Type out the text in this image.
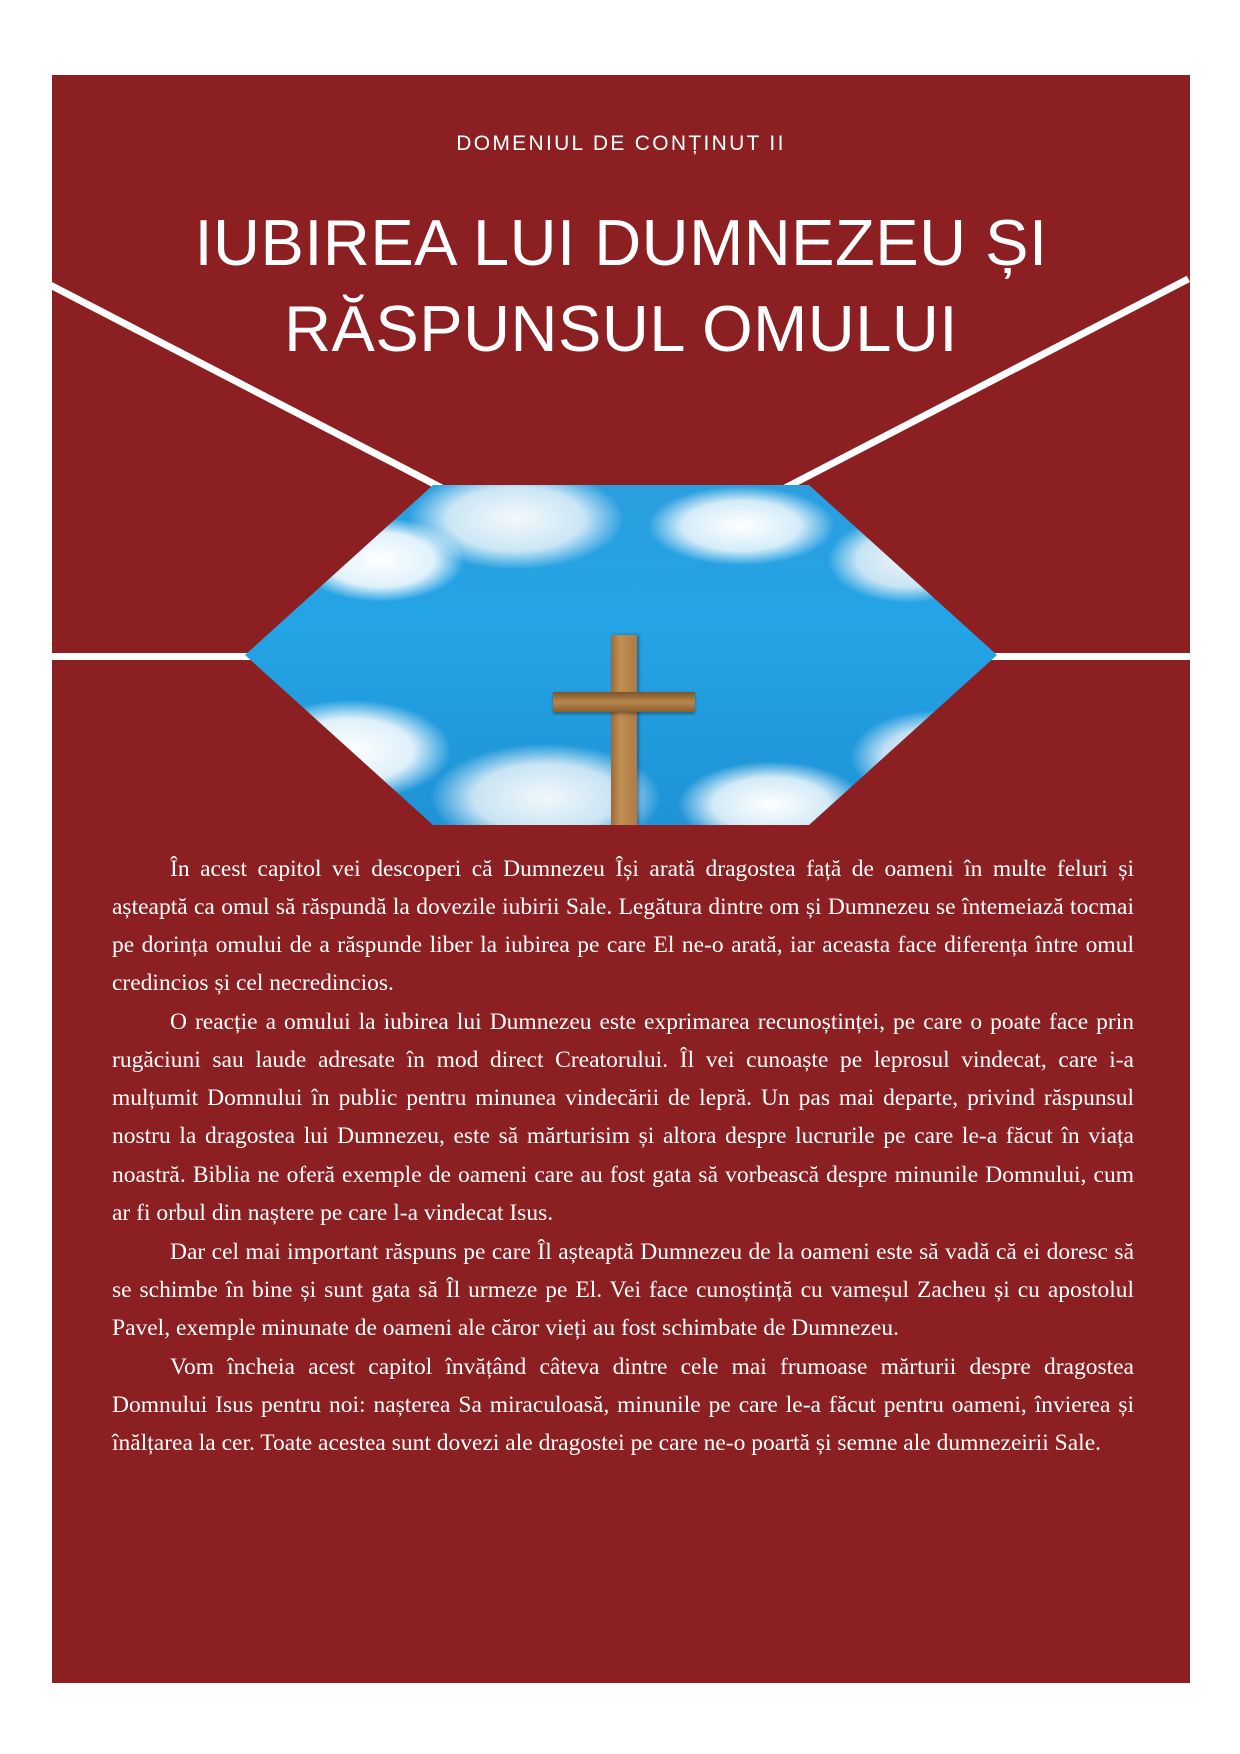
DOMENIUL DE CONȚINUT II
IUBIREA LUI DUMNEZEU ȘI
RĂSPUNSUL OMULUI

În acest capitol vei descoperi că Dumnezeu Își arată dragostea față de oameni în multe feluri și așteaptă ca omul să răspundă la dovezile iubirii Sale. Legătura dintre om și Dumnezeu se întemeiază tocmai pe dorința omului de a răspunde liber la iubirea pe care El ne-o arată, iar aceasta face diferența între omul credincios și cel necredincios.

O reacție a omului la iubirea lui Dumnezeu este exprimarea recunoștinței, pe care o poate face prin rugăciuni sau laude adresate în mod direct Creatorului. Îl vei cunoaște pe leprosul vindecat, care i-a mulțumit Domnului în public pentru minunea vindecării de lepră. Un pas mai departe, privind răspunsul nostru la dragostea lui Dumnezeu, este să mărturisim și altora despre lucrurile pe care le-a făcut în viața noastră. Biblia ne oferă exemple de oameni care au fost gata să vorbească despre minunile Domnului, cum ar fi orbul din naștere pe care l-a vindecat Isus.

Dar cel mai important răspuns pe care Îl așteaptă Dumnezeu de la oameni este să vadă că ei doresc să se schimbe în bine și sunt gata să Îl urmeze pe El. Vei face cunoștință cu vameșul Zacheu și cu apostolul Pavel, exemple minunate de oameni ale căror vieți au fost schimbate de Dumnezeu.

Vom încheia acest capitol învățând câteva dintre cele mai frumoase mărturii despre dragostea Domnului Isus pentru noi: nașterea Sa miraculoasă, minunile pe care le-a făcut pentru oameni, învierea și înălțarea la cer. Toate acestea sunt dovezi ale dragostei pe care ne-o poartă și semne ale dumnezeirii Sale.
